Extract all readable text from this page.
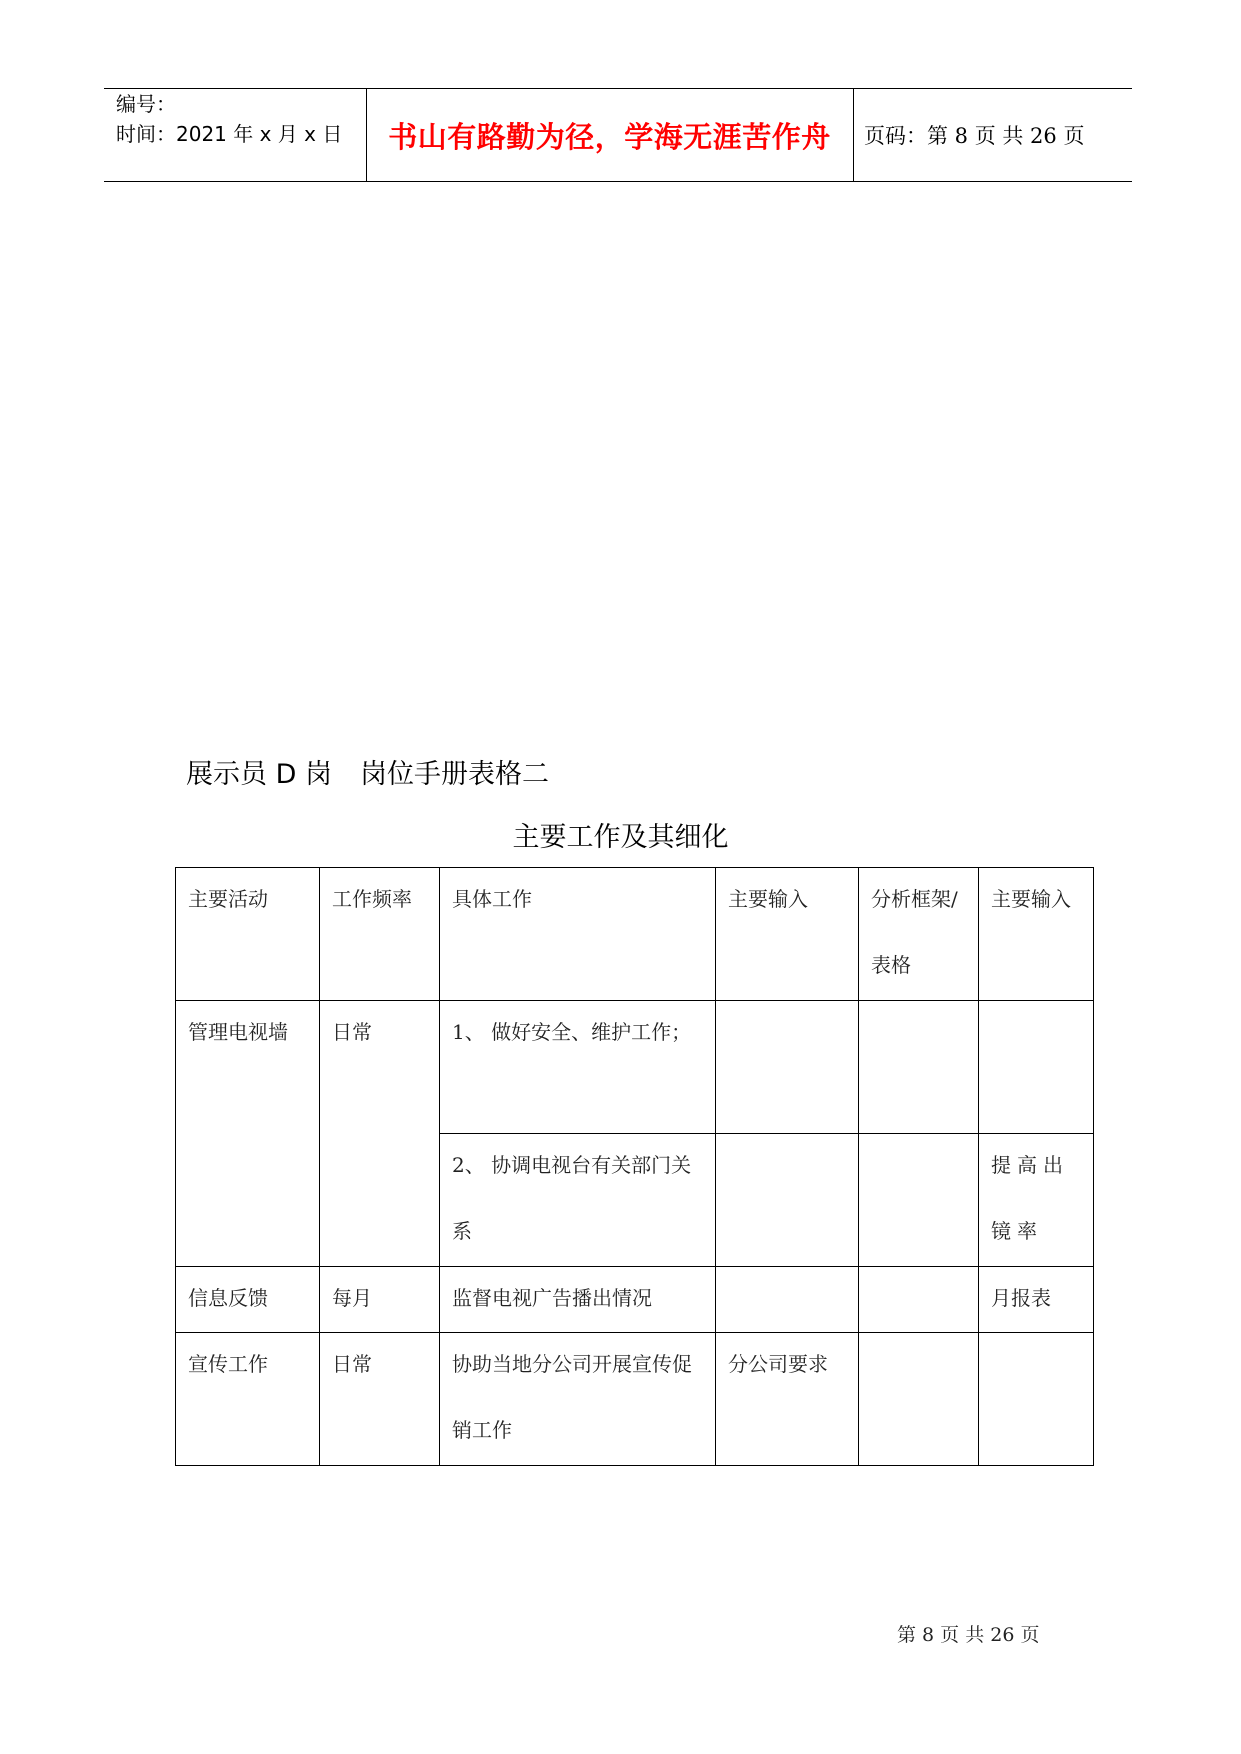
编号：
时间：2021 年 x 月 x 日 书山有路勤为径，学海无涯苦作舟 页码：第 8 页 共 26 页
展示员 D 岗 岗位手册表格二
主要工作及其细化
主要活动	工作频率	具体工作	主要输入	分析框架/表格	主要输入

管理电视墙	日常	1、 做好安全、维护工作；			

		2、 协调电视台有关部门关系			提高出镜率

信息反馈	每月	监督电视广告播出情况			月报表

宣传工作	日常	协助当地分公司开展宣传促销工作	分公司要求		

第 8 页 共 26 页
